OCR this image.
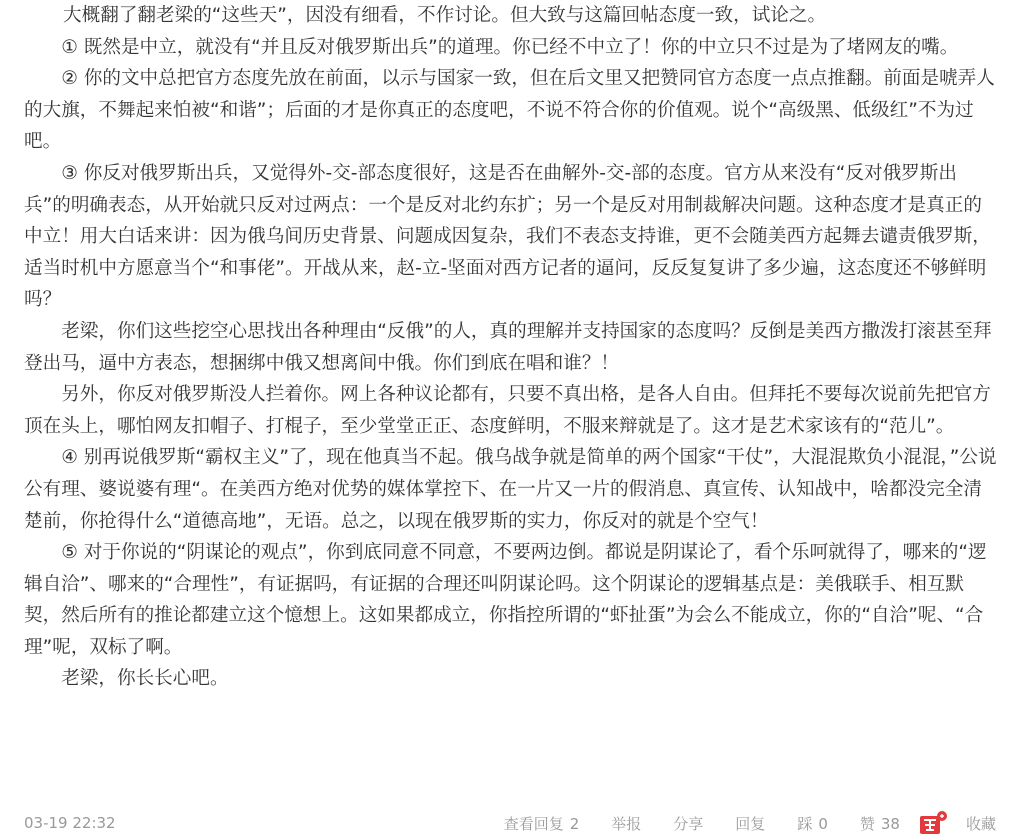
大概翻了翻老梁的“这些天”，因没有细看，不作讨论。但大致与这篇回帖态度一致，试论之。

① 既然是中立，就没有“并且反对俄罗斯出兵”的道理。你已经不中立了！你的中立只不过是为了堵网友的嘴。

② 你的文中总把官方态度先放在前面，以示与国家一致，但在后文里又把赞同官方态度一点点推翻。前面是唬弄人的大旗，不舞起来怕被“和谐”；后面的才是你真正的态度吧，不说不符合你的价值观。说个“高级黑、低级红”不为过吧。

③ 你反对俄罗斯出兵，又觉得外-交-部态度很好，这是否在曲解外-交-部的态度。官方从来没有“反对俄罗斯出兵”的明确表态，从开始就只反对过两点：一个是反对北约东扩；另一个是反对用制裁解决问题。这种态度才是真正的中立！用大白话来讲：因为俄乌间历史背景、问题成因复杂，我们不表态支持谁，更不会随美西方起舞去谴责俄罗斯，适当时机中方愿意当个“和事佬”。开战从来，赵-立-坚面对西方记者的逼问，反反复复讲了多少遍，这态度还不够鲜明吗？

老梁，你们这些挖空心思找出各种理由“反俄”的人，真的理解并支持国家的态度吗？反倒是美西方撒泼打滚甚至拜登出马，逼中方表态，想捆绑中俄又想离间中俄。你们到底在唱和谁？！

另外，你反对俄罗斯没人拦着你。网上各种议论都有，只要不真出格，是各人自由。但拜托不要每次说前先把官方顶在头上，哪怕网友扣帽子、打棍子，至少堂堂正正、态度鲜明，不服来辩就是了。这才是艺术家该有的“范儿”。

④ 别再说俄罗斯“霸权主义”了，现在他真当不起。俄乌战争就是简单的两个国家“干仗”，大混混欺负小混混，”公说公有理、婆说婆有理“。在美西方绝对优势的媒体掌控下、在一片又一片的假消息、真宣传、认知战中，啥都没完全清楚前，你抢得什么“道德高地”，无语。总之，以现在俄罗斯的实力，你反对的就是个空气！

⑤ 对于你说的“阴谋论的观点”，你到底同意不同意，不要两边倒。都说是阴谋论了，看个乐呵就得了，哪来的“逻辑自洽”、哪来的“合理性”，有证据吗，有证据的合理还叫阴谋论吗。这个阴谋论的逻辑基点是：美俄联手、相互默契，然后所有的推论都建立这个憶想上。这如果都成立，你指控所谓的“虾扯蛋”为会么不能成立，你的“自洽”呢、“合理”呢，双标了啊。

老梁，你长长心吧。

03-19 22:32	查看回复 2 举报 分享 回复 踩 0 赞 38	收藏
